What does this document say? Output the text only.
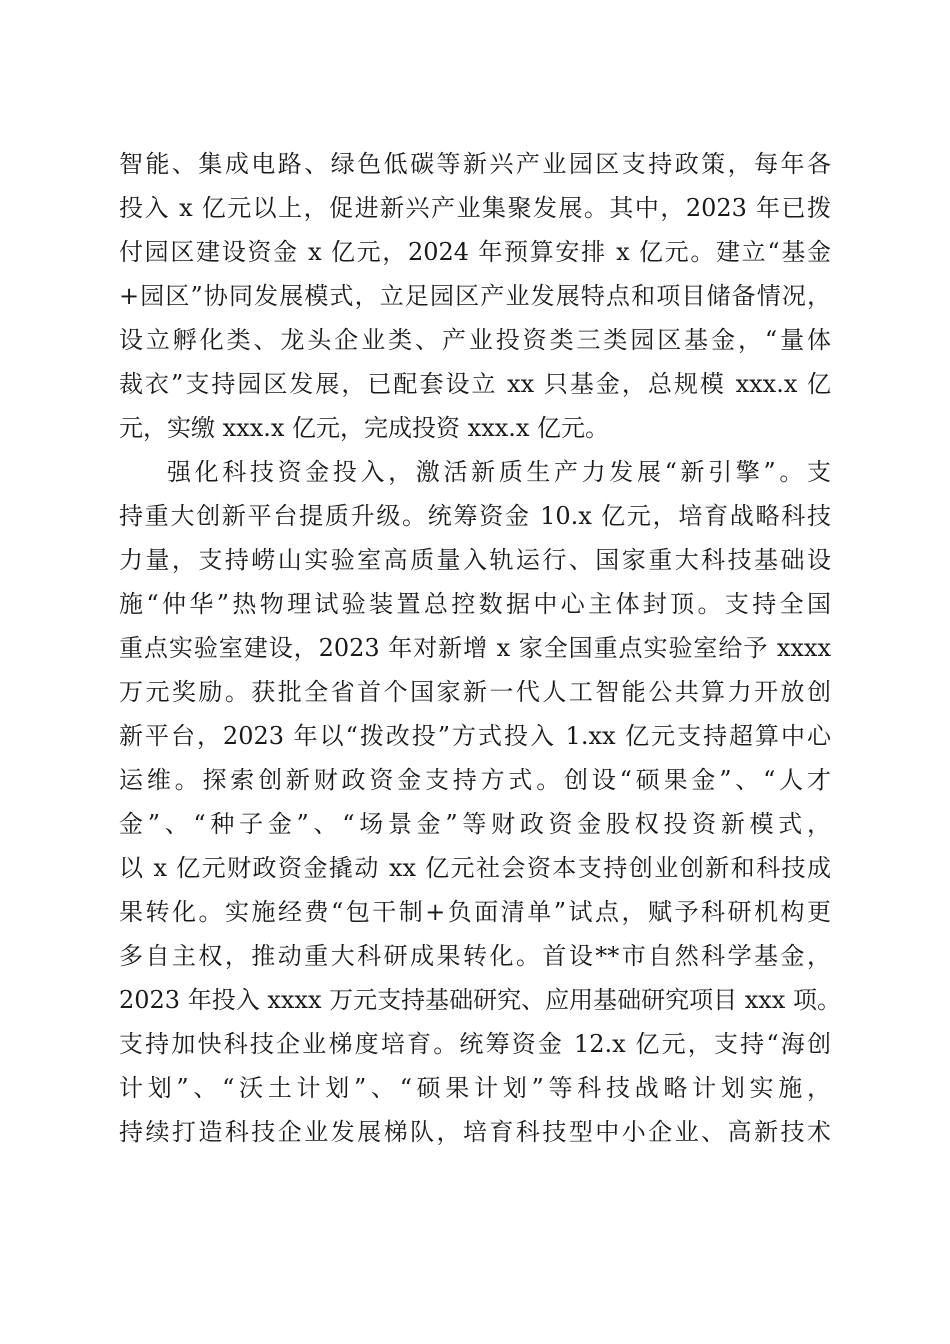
智能、集成电路、绿色低碳等新兴产业园区支持政策，每年各
投入 x 亿元以上，促进新兴产业集聚发展。其中，2023 年已拨
付园区建设资金 x 亿元，2024 年预算安排 x 亿元。建立“基金
+园区”协同发展模式，立足园区产业发展特点和项目储备情况，
设立孵化类、龙头企业类、产业投资类三类园区基金，“量体
裁衣”支持园区发展，已配套设立 xx 只基金，总规模 xxx.x 亿
元，实缴 xxx.x 亿元，完成投资 xxx.x 亿元。
强化科技资金投入，激活新质生产力发展“新引擎”。支
持重大创新平台提质升级。统筹资金 10.x 亿元，培育战略科技
力量，支持崂山实验室高质量入轨运行、国家重大科技基础设
施“仲华”热物理试验装置总控数据中心主体封顶。支持全国
重点实验室建设，2023 年对新增 x 家全国重点实验室给予 xxxx
万元奖励。获批全省首个国家新一代人工智能公共算力开放创
新平台，2023 年以“拨改投”方式投入 1.xx 亿元支持超算中心
运维。探索创新财政资金支持方式。创设“硕果金”、“人才
金”、“种子金”、“场景金”等财政资金股权投资新模式，
以 x 亿元财政资金撬动 xx 亿元社会资本支持创业创新和科技成
果转化。实施经费“包干制+负面清单”试点，赋予科研机构更
多自主权，推动重大科研成果转化。首设**市自然科学基金，
2023 年投入 xxxx 万元支持基础研究、应用基础研究项目 xxx 项。
支持加快科技企业梯度培育。统筹资金 12.x 亿元，支持“海创
计划”、“沃土计划”、“硕果计划”等科技战略计划实施，
持续打造科技企业发展梯队，培育科技型中小企业、高新技术
